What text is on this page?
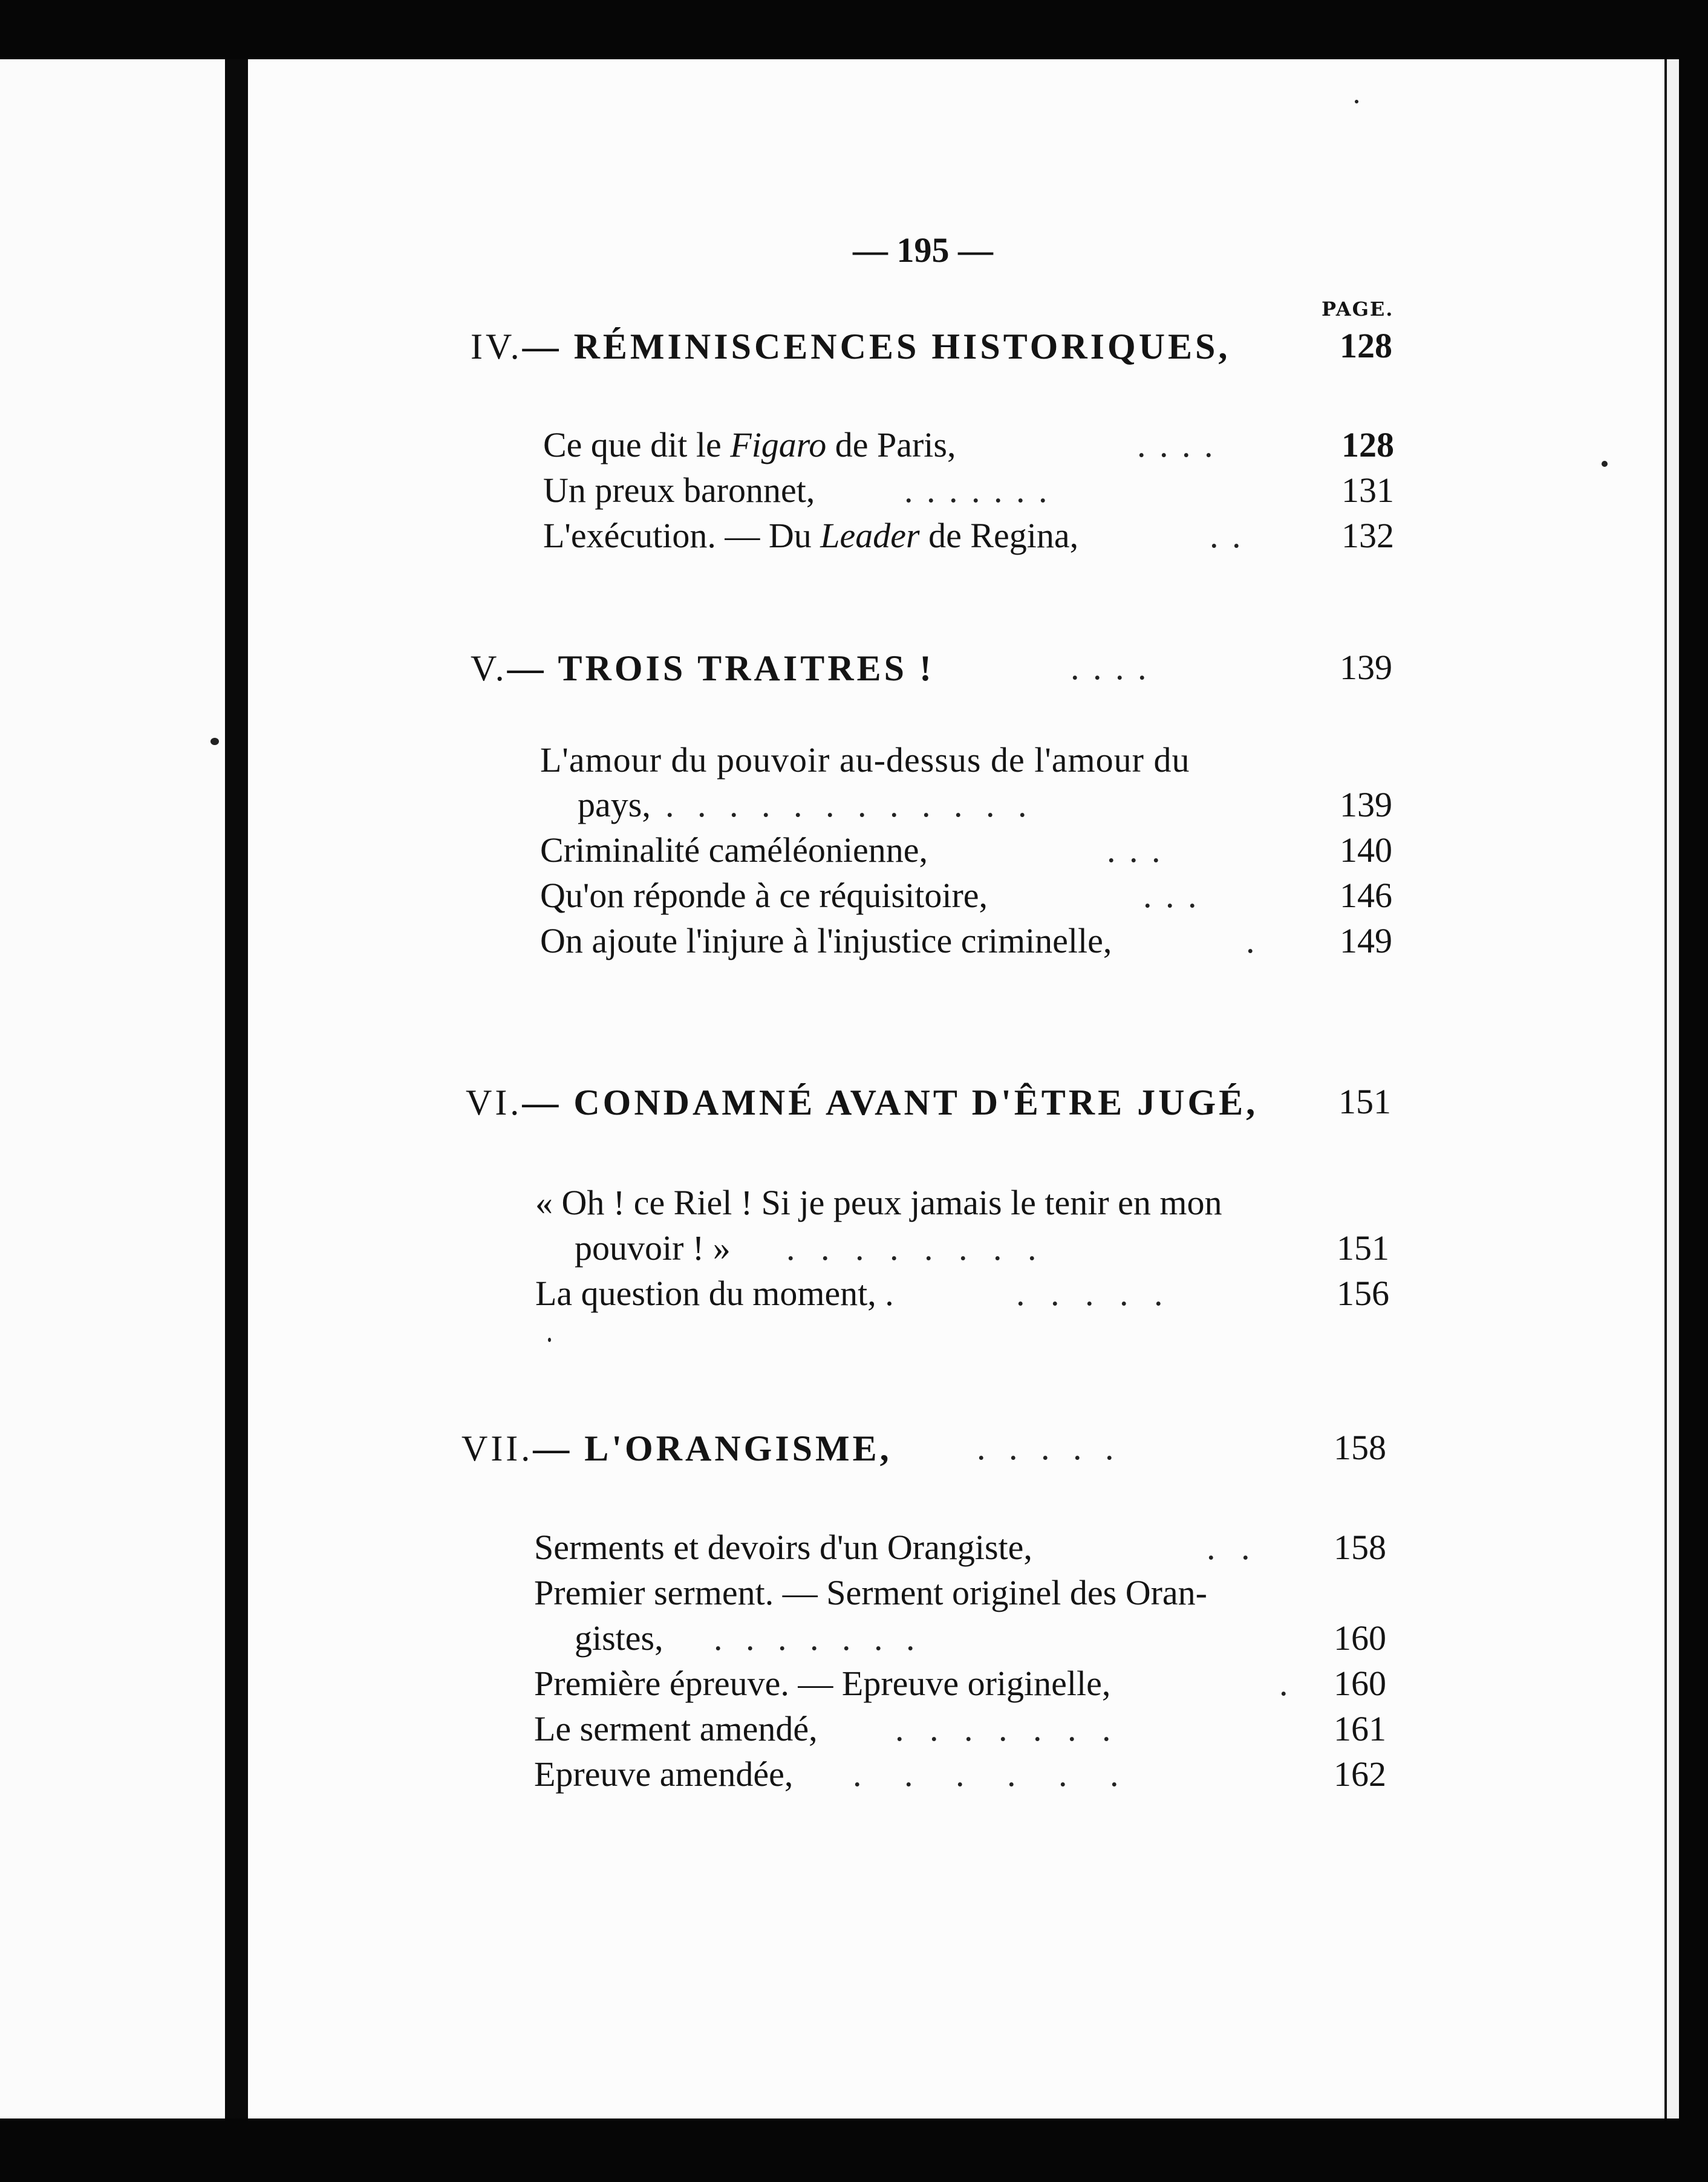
— 195 —
PAGE.
IV.— RÉMINISCENCES HISTORIQUES,	128
Ce que dit le Figaro de Paris,	. . . .	128
Un preux baronnet,	. . . . . . .	131
L'exécution. — Du Leader de Regina,	. .	132
V.— TROIS TRAITRES !	. . . .	139
L'amour du pouvoir au-dessus de l'amour du
pays, . . . . . . . . . . . .	139
Criminalité caméléonienne,	. . .	140
Qu'on réponde à ce réquisitoire,	. . .	146
On ajoute l'injure à l'injustice criminelle,	. 149
VI.— CONDAMNÉ AVANT D'ÊTRE JUGÉ, 151
« Oh ! ce Riel ! Si je peux jamais le tenir en mon
pouvoir ! » . . . . . . . .	151
La question du moment, .	. . . . .	156
VII.— L'ORANGISME, . . . . .	158
Serments et devoirs d'un Orangiste,	. . 158
Premier serment. — Serment originel des Oran-
gistes, . . . . . . .	160
Première épreuve. — Epreuve originelle,	. 160
Le serment amendé, . . . . . . .	161
Epreuve amendée, . . . . . .	162
